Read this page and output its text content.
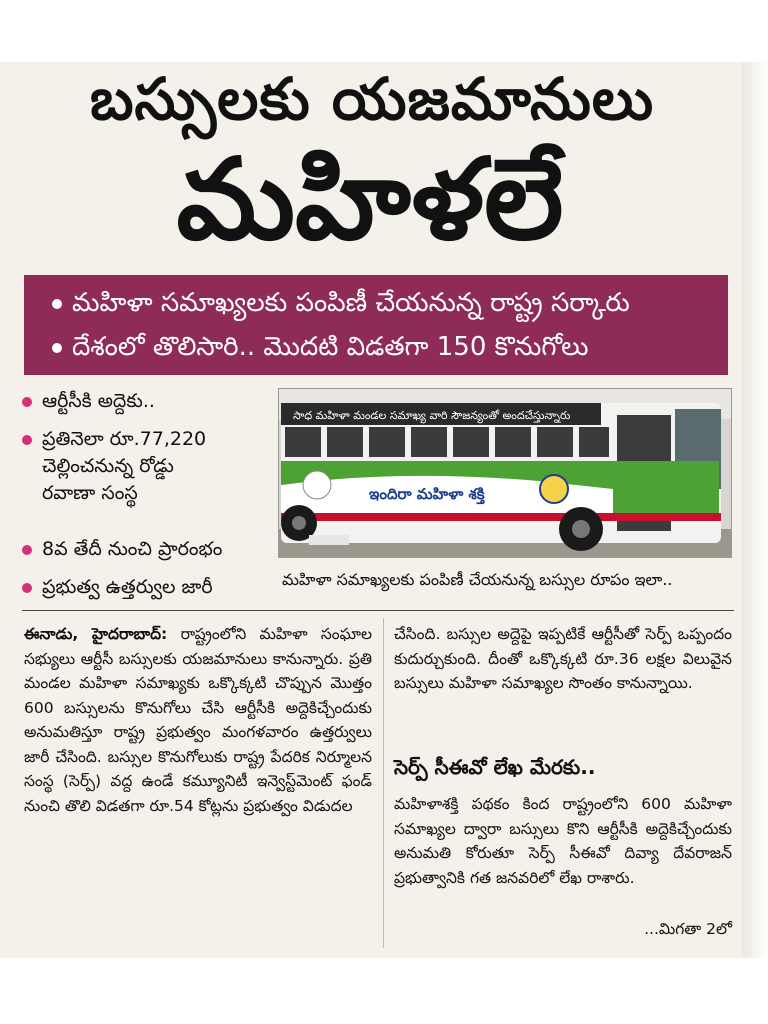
బస్సులకు యజమానులు
మహిళలే
మహిళా సమాఖ్యలకు పంపిణీ చేయనున్న రాష్ట్ర సర్కారు
దేశంలో తొలిసారి.. మొదటి విడతగా 150 కొనుగోలు
ఆర్టీసీకి అద్దెకు..
ప్రతినెలా రూ.77,220
చెల్లించనున్న రోడ్డు
రవాణా సంస్థ
8వ తేదీ నుంచి ప్రారంభం
ప్రభుత్వ ఉత్తర్వుల జారీ
సాధ మహిళా మండల సమాఖ్య వారి సౌజన్యంతో అందచేస్తున్నారు
ఇందిరా మహిళా శక్తి
మహిళా సమాఖ్యలకు పంపిణీ చేయనున్న బస్సుల రూపం ఇలా..

ఈనాడు, హైదరాబాద్: రాష్ట్రంలోని మహిళా సంఘాల సభ్యులు ఆర్టీసీ బస్సులకు యజమానులు కానున్నారు. ప్రతి మండల మహిళా సమాఖ్యకు ఒక్కొక్కటి చొప్పున మొత్తం 600 బస్సులను కొనుగోలు చేసి ఆర్టీసీకి అద్దెకిచ్చేందుకు అనుమతిస్తూ రాష్ట్ర ప్రభుత్వం మంగళవారం ఉత్తర్వులు జారీ చేసింది. బస్సుల కొనుగోలుకు రాష్ట్ర పేదరిక నిర్మూలన సంస్థ (సెర్ప్) వద్ద ఉండే కమ్యూనిటీ ఇన్వెస్ట్‌మెంట్ ఫండ్ నుంచి తొలి విడతగా రూ.54 కోట్లను ప్రభుత్వం విడుదల

చేసింది. బస్సుల అద్దెపై ఇప్పటికే ఆర్టీసీతో సెర్ప్ ఒప్పందం కుదుర్చుకుంది. దీంతో ఒక్కొక్కటి రూ.36 లక్షల విలువైన బస్సులు మహిళా సమాఖ్యల సొంతం కానున్నాయి.

సెర్ప్ సీఈవో లేఖ మేరకు..

మహిళాశక్తి పథకం కింద రాష్ట్రంలోని 600 మహిళా సమాఖ్యల ద్వారా బస్సులు కొని ఆర్టీసీకి అద్దెకిచ్చేందుకు అనుమతి కోరుతూ సెర్ప్ సీఈవో దివ్యా దేవరాజన్ ప్రభుత్వానికి గత జనవరిలో లేఖ రాశారు.

...మిగతా 2లో
